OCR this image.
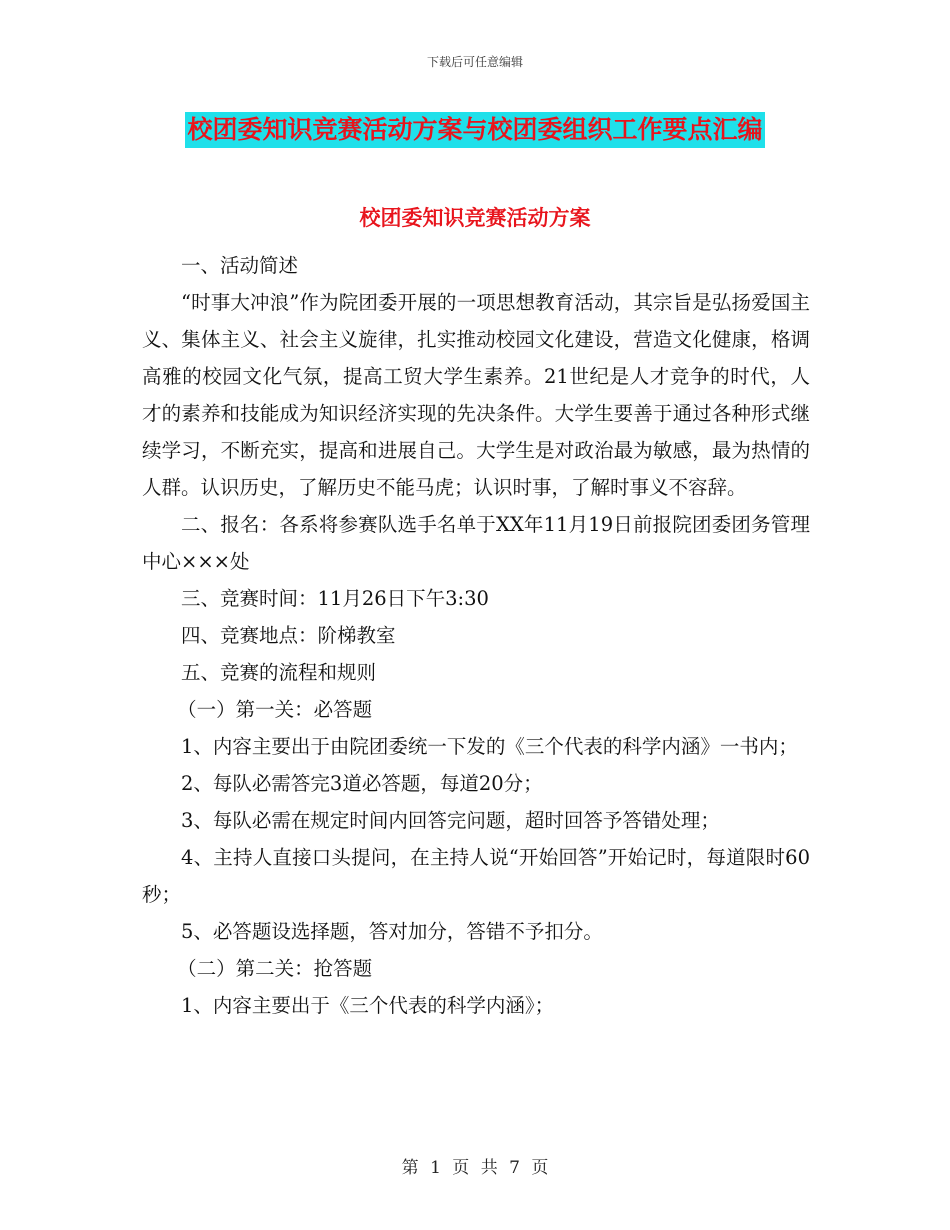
下载后可任意编辑
校团委知识竞赛活动方案与校团委组织工作要点汇编
校团委知识竞赛活动方案

一、活动简述

“时事大冲浪”作为院团委开展的一项思想教育活动，其宗旨是弘扬爱国主义、集体主义、社会主义旋律，扎实推动校园文化建设，营造文化健康，格调高雅的校园文化气氛，提高工贸大学生素养。21世纪是人才竞争的时代，人才的素养和技能成为知识经济实现的先决条件。大学生要善于通过各种形式继续学习，不断充实，提高和进展自己。大学生是对政治最为敏感，最为热情的人群。认识历史，了解历史不能马虎；认识时事，了解时事义不容辞。

二、报名：各系将参赛队选手名单于XX年11月19日前报院团委团务管理中心×××处

三、竞赛时间：11月26日下午3:30

四、竞赛地点：阶梯教室

五、竞赛的流程和规则

（一）第一关：必答题

1、内容主要出于由院团委统一下发的《三个代表的科学内涵》一书内；

2、每队必需答完3道必答题，每道20分；

3、每队必需在规定时间内回答完问题，超时回答予答错处理；

4、主持人直接口头提问，在主持人说“开始回答”开始记时，每道限时60秒；

5、必答题设选择题，答对加分，答错不予扣分。

（二）第二关：抢答题

1、内容主要出于《三个代表的科学内涵》；

第 1 页 共 7 页
